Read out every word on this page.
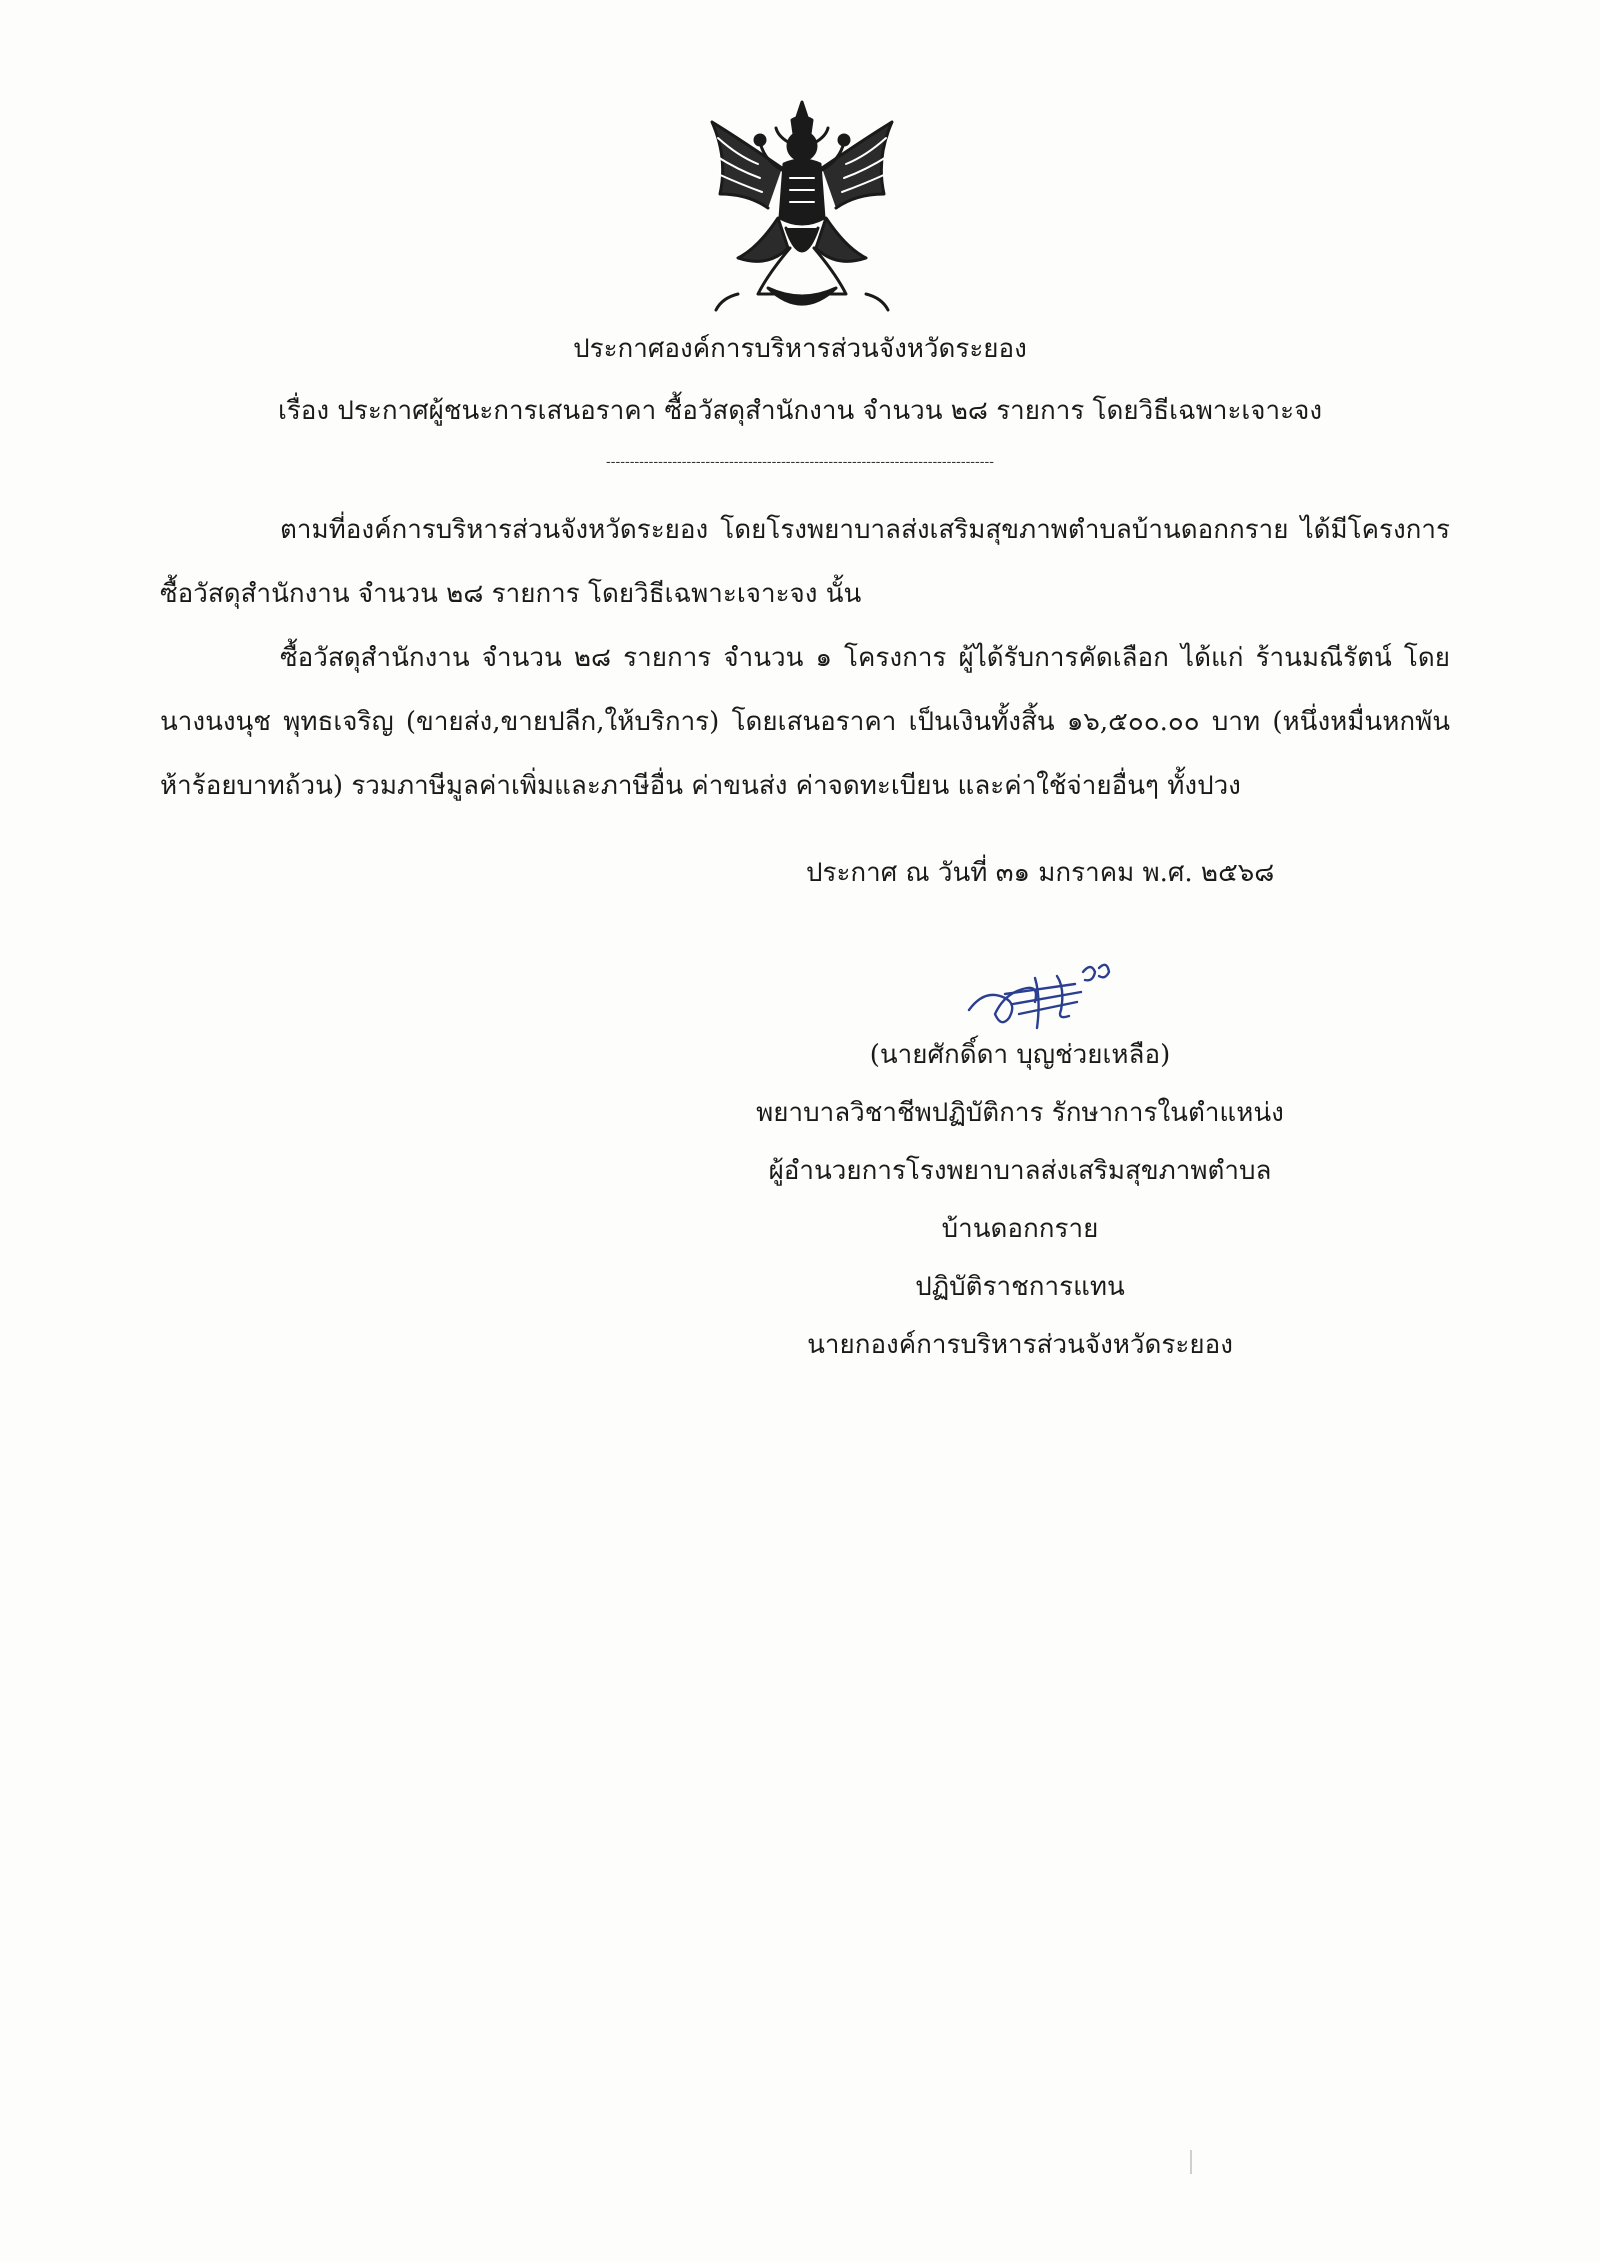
ประกาศองค์การบริหารส่วนจังหวัดระยอง
เรื่อง ประกาศผู้ชนะการเสนอราคา ซื้อวัสดุสำนักงาน จำนวน ๒๘ รายการ โดยวิธีเฉพาะเจาะจง
----------------------------------------------------------------------------------
ตามที่องค์การบริหารส่วนจังหวัดระยอง โดยโรงพยาบาลส่งเสริมสุขภาพตำบลบ้านดอกกราย ได้มีโครงการ ซื้อวัสดุสำนักงาน จำนวน ๒๘ รายการ โดยวิธีเฉพาะเจาะจง นั้น
ซื้อวัสดุสำนักงาน จำนวน ๒๘ รายการ จำนวน ๑ โครงการ ผู้ได้รับการคัดเลือก ได้แก่ ร้านมณีรัตน์ โดย นางนงนุช พุทธเจริญ (ขายส่ง,ขายปลีก,ให้บริการ) โดยเสนอราคา เป็นเงินทั้งสิ้น ๑๖,๕๐๐.๐๐ บาท (หนึ่งหมื่นหกพันห้าร้อยบาทถ้วน) รวมภาษีมูลค่าเพิ่มและภาษีอื่น ค่าขนส่ง ค่าจดทะเบียน และค่าใช้จ่ายอื่นๆ ทั้งปวง
ประกาศ ณ วันที่ ๓๑ มกราคม พ.ศ. ๒๕๖๘
(นายศักดิ์ดา บุญช่วยเหลือ)
พยาบาลวิชาชีพปฏิบัติการ รักษาการในตำแหน่ง
ผู้อำนวยการโรงพยาบาลส่งเสริมสุขภาพตำบล
บ้านดอกกราย
ปฏิบัติราชการแทน
นายกองค์การบริหารส่วนจังหวัดระยอง
